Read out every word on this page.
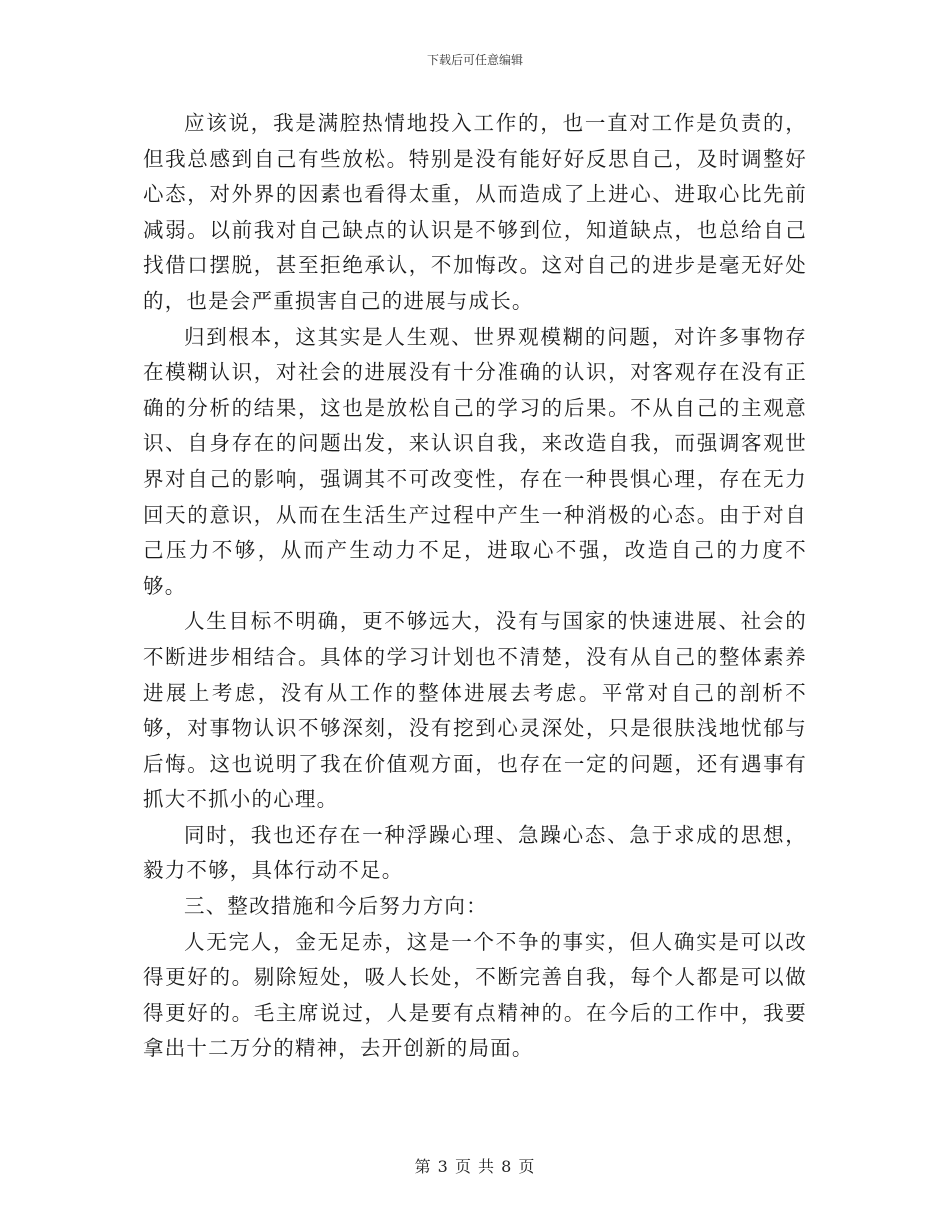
下载后可任意编辑

应该说，我是满腔热情地投入工作的，也一直对工作是负责的，但我总感到自己有些放松。特别是没有能好好反思自己，及时调整好心态，对外界的因素也看得太重，从而造成了上进心、进取心比先前减弱。以前我对自己缺点的认识是不够到位，知道缺点，也总给自己找借口摆脱，甚至拒绝承认，不加悔改。这对自己的进步是毫无好处的，也是会严重损害自己的进展与成长。

归到根本，这其实是人生观、世界观模糊的问题，对许多事物存在模糊认识，对社会的进展没有十分准确的认识，对客观存在没有正确的分析的结果，这也是放松自己的学习的后果。不从自己的主观意识、自身存在的问题出发，来认识自我，来改造自我，而强调客观世界对自己的影响，强调其不可改变性，存在一种畏惧心理，存在无力回天的意识，从而在生活生产过程中产生一种消极的心态。由于对自己压力不够，从而产生动力不足，进取心不强，改造自己的力度不够。

人生目标不明确，更不够远大，没有与国家的快速进展、社会的不断进步相结合。具体的学习计划也不清楚，没有从自己的整体素养进展上考虑，没有从工作的整体进展去考虑。平常对自己的剖析不够，对事物认识不够深刻，没有挖到心灵深处，只是很肤浅地忧郁与后悔。这也说明了我在价值观方面，也存在一定的问题，还有遇事有抓大不抓小的心理。

同时，我也还存在一种浮躁心理、急躁心态、急于求成的思想，毅力不够，具体行动不足。

三、整改措施和今后努力方向：

人无完人，金无足赤，这是一个不争的事实，但人确实是可以改得更好的。剔除短处，吸人长处，不断完善自我，每个人都是可以做得更好的。毛主席说过，人是要有点精神的。在今后的工作中，我要拿出十二万分的精神，去开创新的局面。

第 3 页 共 8 页
